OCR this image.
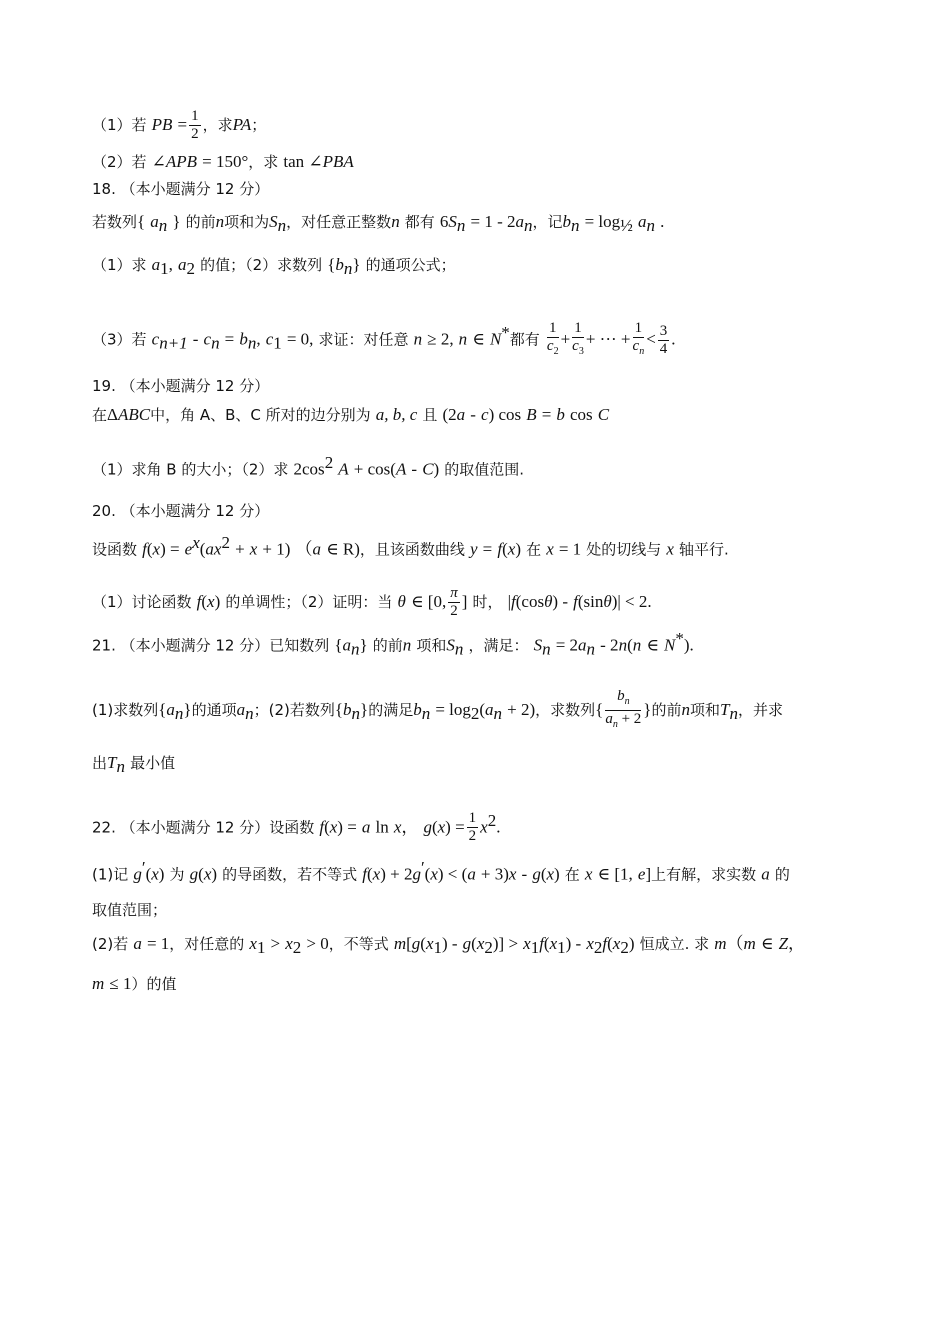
（1）若 PB = $\frac{1}{2}$ ，求PA；
（2）若 ∠APB = 150°，求 tan ∠PBA
18. （本小题满分 12 分）
若数列{ $a_n$ } 的前n项和为$S_n$，对任意正整数n 都有 $6S_n = 1 - 2a_n$，记$b_n = \log_{\frac{1}{2}} a_n$ .
（1）求 $a_1$, $a_2$ 的值；（2）求数列 $\{b_n\}$ 的通项公式；
（3）若 $c_{n+1} - c_n = b_n$, $c_1 = 0$, 求证：对任意 n ≥ 2, n ∈ N*都有 $\frac{1}{c_2} + \frac{1}{c_3}$ + ··· + $\frac{1}{c_n} < \frac{3}{4}$ .
19. （本小题满分 12 分）
在ΔABC中，角 A、B、C 所对的边分别为 a, b, c 且 (2a - c) cos B = b cos C
（1）求角 B 的大小；（2）求 $2\cos^2$ A + cos(A - C) 的取值范围.
20. （本小题满分 12 分）
设函数 $f(x) = e^x(ax^2 + x + 1)$ （a ∈ R)，且该函数曲线 y = f(x) 在 x = 1 处的切线与 x 轴平行.
（1）讨论函数 f(x) 的单调性；（2）证明：当 θ ∈ [0, $\frac{\pi}{2}$ ] 时， |f(cosθ) - f(sinθ)| < 2.
21. （本小题满分 12 分）已知数列 $\{a_n\}$ 的前n 项和$S_n$ ，满足： $S_n = 2a_n - 2n(n$ ∈ N*).
(1)求数列$\{a_n\}$的通项$a_n$；(2)若数列$\{b_n\}$的满足$b_n = \log_2(a_n + 2)$，求数列{ $\frac{b_n}{a_n + 2}$ }的前n项和$T_n$，并求
出$T_n$ 最小值
22. （本小题满分 12 分）设函数 f(x) = a ln x， $g(x) = \frac{1}{2} x^2$.
(1)记 g′(x) 为 g(x) 的导函数，若不等式 f(x) + 2g′(x) < (a + 3)x - g(x) 在 x ∈ [1, e]上有解，求实数 a 的
取值范围；
(2)若 a = 1，对任意的 $x_1 > x_2 > 0$，不等式 $m[g(x_1) - g(x_2)] > x_1f(x_1) - x_2f(x_2)$ 恒成立. 求 m（m ∈ Z，
m ≤ 1）的值
